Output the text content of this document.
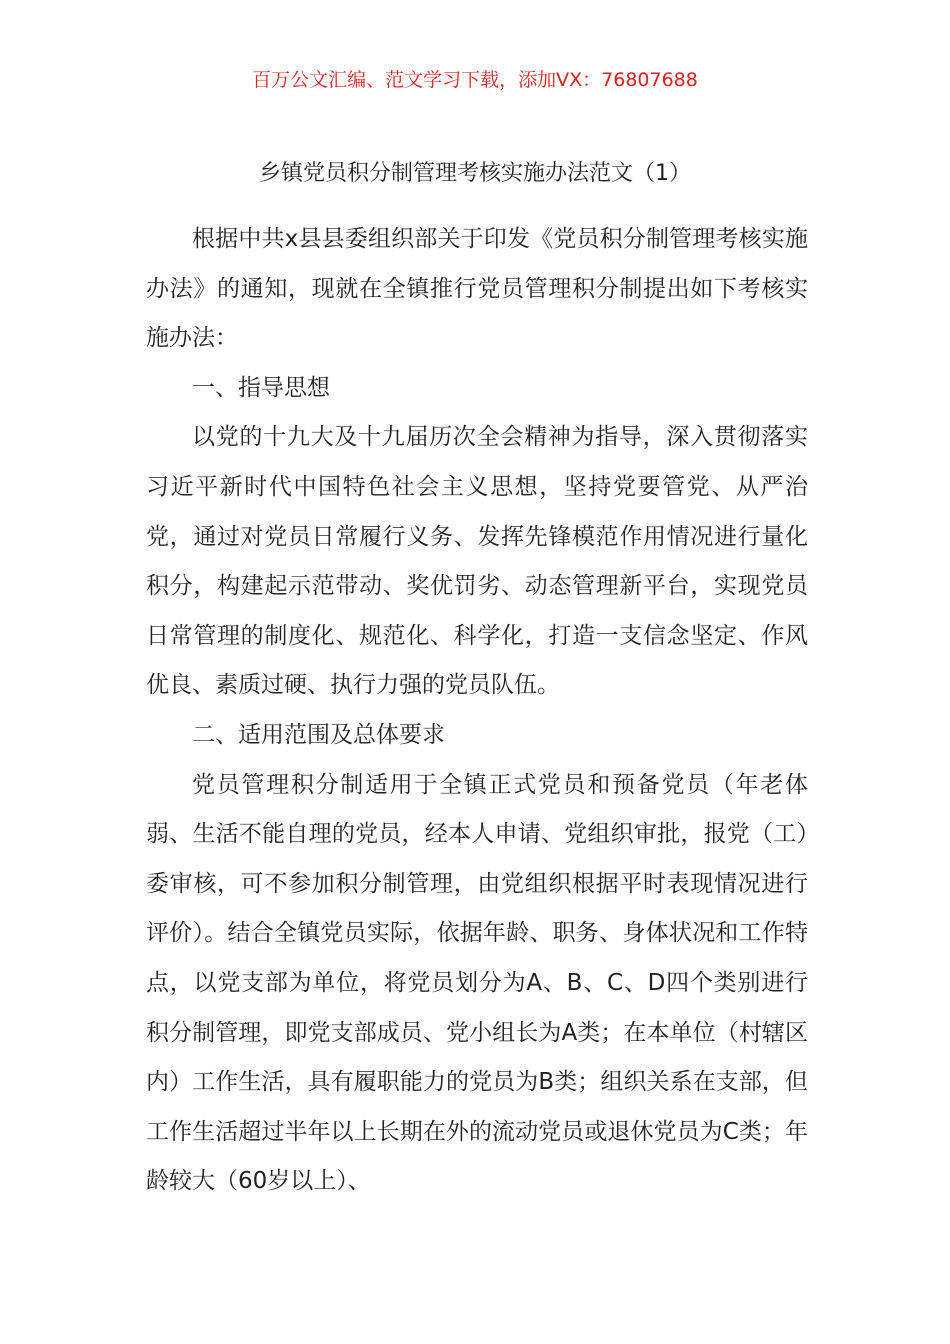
百万公文汇编、范文学习下载，添加VX：76807688
乡镇党员积分制管理考核实施办法范文（1）

根据中共x县县委组织部关于印发《党员积分制管理考核实施办法》的通知，现就在全镇推行党员管理积分制提出如下考核实施办法：

一、指导思想

以党的十九大及十九届历次全会精神为指导，深入贯彻落实习近平新时代中国特色社会主义思想，坚持党要管党、从严治党，通过对党员日常履行义务、发挥先锋模范作用情况进行量化积分，构建起示范带动、奖优罚劣、动态管理新平台，实现党员日常管理的制度化、规范化、科学化，打造一支信念坚定、作风优良、素质过硬、执行力强的党员队伍。

二、适用范围及总体要求

党员管理积分制适用于全镇正式党员和预备党员（年老体弱、生活不能自理的党员，经本人申请、党组织审批，报党（工）委审核，可不参加积分制管理，由党组织根据平时表现情况进行评价）。结合全镇党员实际，依据年龄、职务、身体状况和工作特点，以党支部为单位，将党员划分为A、B、C、D四个类别进行积分制管理，即党支部成员、党小组长为A类；在本单位（村辖区内）工作生活，具有履职能力的党员为B类；组织关系在支部，但工作生活超过半年以上长期在外的流动党员或退休党员为C类；年龄较大（60岁以上）、
